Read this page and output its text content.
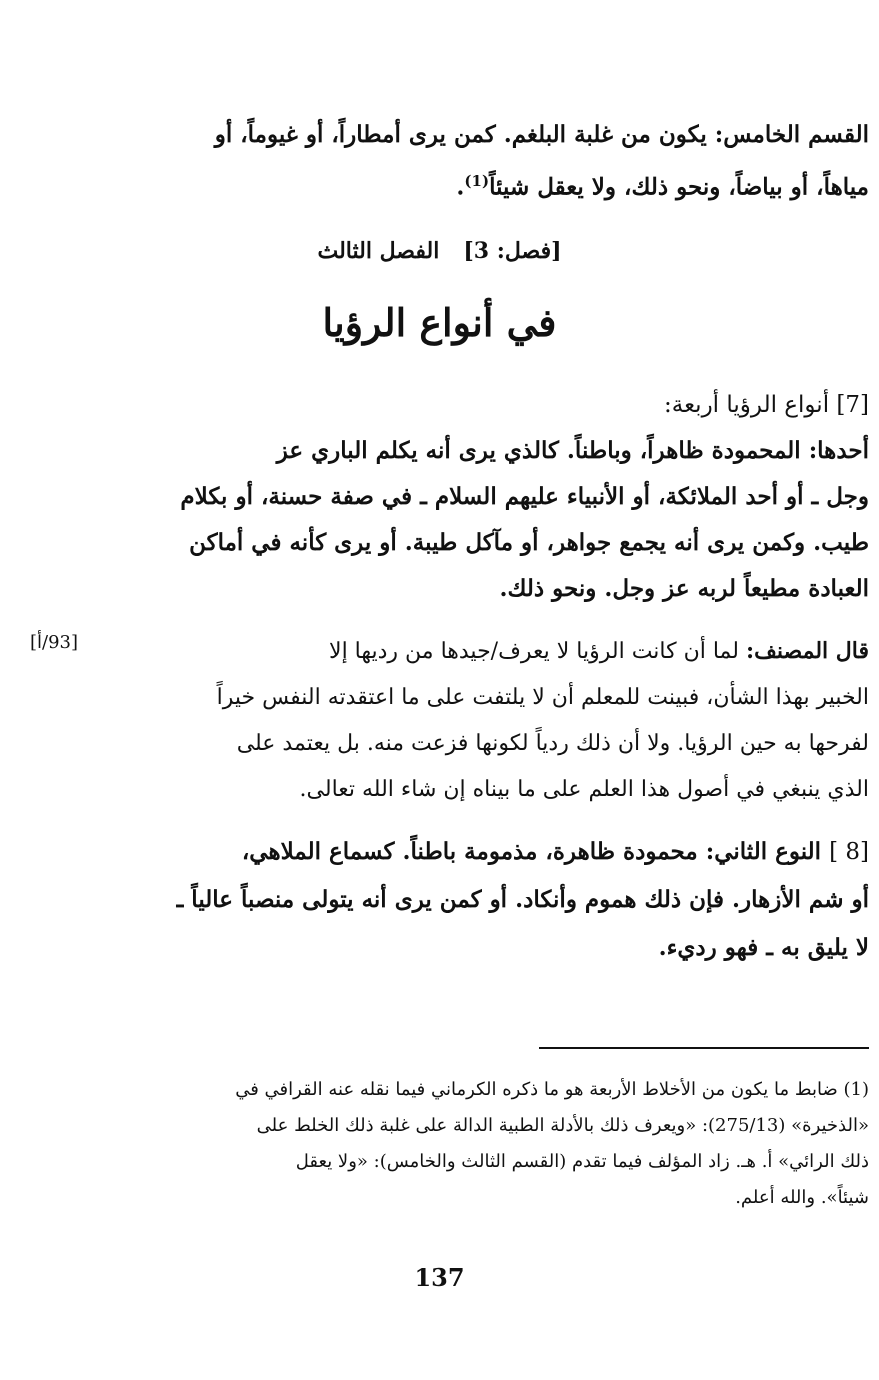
القسم الخامس: يكون من غلبة البلغم. كمن يرى أمطاراً، أو غيوماً، أو
مياهاً، أو بياضاً، ونحو ذلك، ولا يعقل شيئاً$^{(1)}$.
[فصل: 3]الفصل الثالث
في أنواع الرؤيا
[7] أنواع الرؤيا أربعة:
أحدها: المحمودة ظاهراً، وباطناً. كالذي يرى أنه يكلم الباري عز
وجل ـ أو أحد الملائكة، أو الأنبياء عليهم السلام ـ في صفة حسنة، أو بكلام
طيب. وكمن يرى أنه يجمع جواهر، أو مآكل طيبة. أو يرى كأنه في أماكن
العبادة مطيعاً لربه عز وجل. ونحو ذلك.
[93/أ]	قال المصنف: لما أن كانت الرؤيا لا يعرف/جيدها من رديها إلا
الخبير بهذا الشأن، فبينت للمعلم أن لا يلتفت على ما اعتقدته النفس خيراً
لفرحها به حين الرؤيا. ولا أن ذلك ردياً لكونها فزعت منه. بل يعتمد على
الذي ينبغي في أصول هذا العلم على ما بيناه إن شاء الله تعالى.
[8 ] النوع الثاني: محمودة ظاهرة، مذمومة باطناً. كسماع الملاهي،
أو شم الأزهار. فإن ذلك هموم وأنكاد. أو كمن يرى أنه يتولى منصباً عالياً ـ
لا يليق به ـ فهو رديء.
(1) ضابط ما يكون من الأخلاط الأربعة هو ما ذكره الكرماني فيما نقله عنه القرافي في
«الذخيرة» (275/13): «ويعرف ذلك بالأدلة الطبية الدالة على غلبة ذلك الخلط على
ذلك الرائي» أ. هـ. زاد المؤلف فيما تقدم (القسم الثالث والخامس): «ولا يعقل
شيئاً». والله أعلم.
137
